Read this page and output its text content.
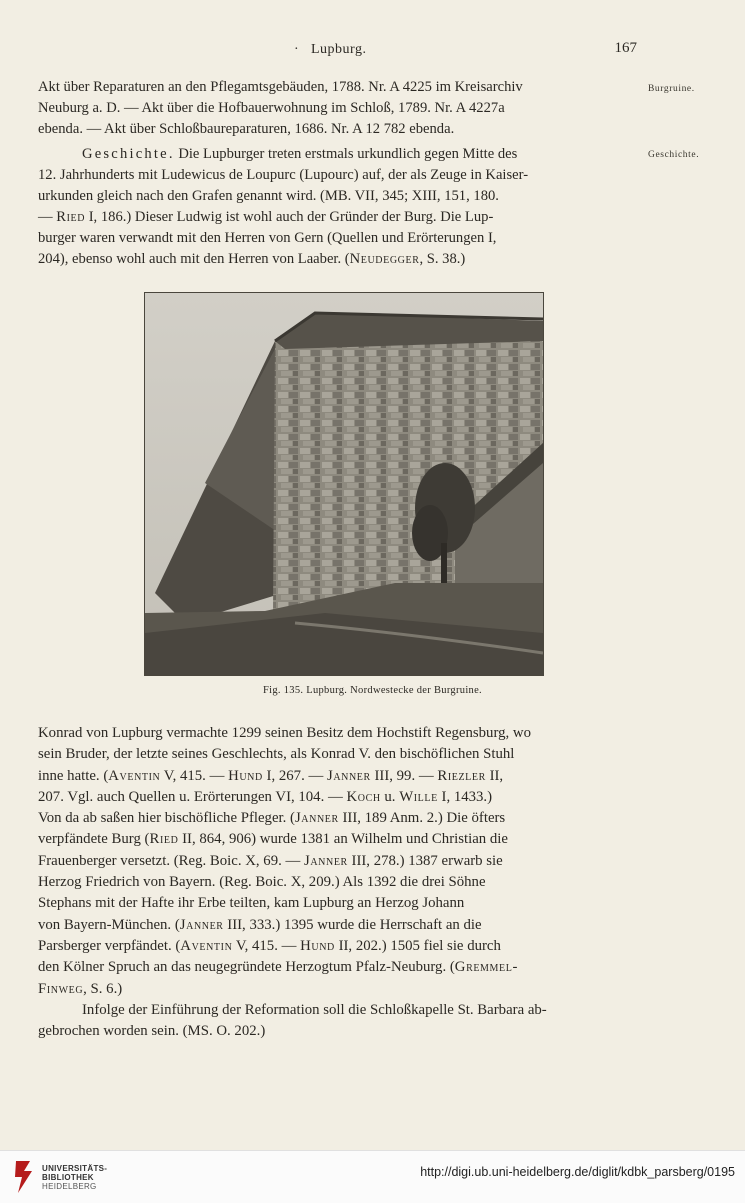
· Lupburg.	167

Akt über Reparaturen an den Pflegamtsgebäuden, 1788. Nr. A 4225 im Kreisarchiv

Neuburg a. D. — Akt über die Hofbauerwohnung im Schloß, 1789. Nr. A 4227a

ebenda. — Akt über Schloßbaureparaturen, 1686. Nr. A 12 782 ebenda.

Burgruine.

Geschichte. Die Lupburger treten erstmals urkundlich gegen Mitte des

12. Jahrhunderts mit Ludewicus de Loupurc (Lupourc) auf, der als Zeuge in Kaiser-

urkunden gleich nach den Grafen genannt wird. (MB. VII, 345; XIII, 151, 180.

— Ried I, 186.) Dieser Ludwig ist wohl auch der Gründer der Burg. Die Lup-

burger waren verwandt mit den Herren von Gern (Quellen und Erörterungen I,

204), ebenso wohl auch mit den Herren von Laaber. (Neudegger, S. 38.)

Geschichte.
Fig. 135. Lupburg. Nordwestecke der Burgruine.

Konrad von Lupburg vermachte 1299 seinen Besitz dem Hochstift Regensburg, wo

sein Bruder, der letzte seines Geschlechts, als Konrad V. den bischöflichen Stuhl

inne hatte. (Aventin V, 415. — Hund I, 267. — Janner III, 99. — Riezler II,

207. Vgl. auch Quellen u. Erörterungen VI, 104. — Koch u. Wille I, 1433.)

Von da ab saßen hier bischöfliche Pfleger. (Janner III, 189 Anm. 2.) Die öfters

verpfändete Burg (Ried II, 864, 906) wurde 1381 an Wilhelm und Christian die

Frauenberger versetzt. (Reg. Boic. X, 69. — Janner III, 278.) 1387 erwarb sie

Herzog Friedrich von Bayern. (Reg. Boic. X, 209.) Als 1392 die drei Söhne

Stephans mit der Hafte ihr Erbe teilten, kam Lupburg an Herzog Johann

von Bayern-München. (Janner III, 333.) 1395 wurde die Herrschaft an die

Parsberger verpfändet. (Aventin V, 415. — Hund II, 202.) 1505 fiel sie durch

den Kölner Spruch an das neugegründete Herzogtum Pfalz-Neuburg. (Gremmel-

Finweg, S. 6.)

Infolge der Einführung der Reformation soll die Schloßkapelle St. Barbara ab-

gebrochen worden sein. (MS. O. 202.)

UNIVERSITÄTS-
BIBLIOTHEK
HEIDELBERG
http://digi.ub.uni-heidelberg.de/diglit/kdbk_parsberg/0195
